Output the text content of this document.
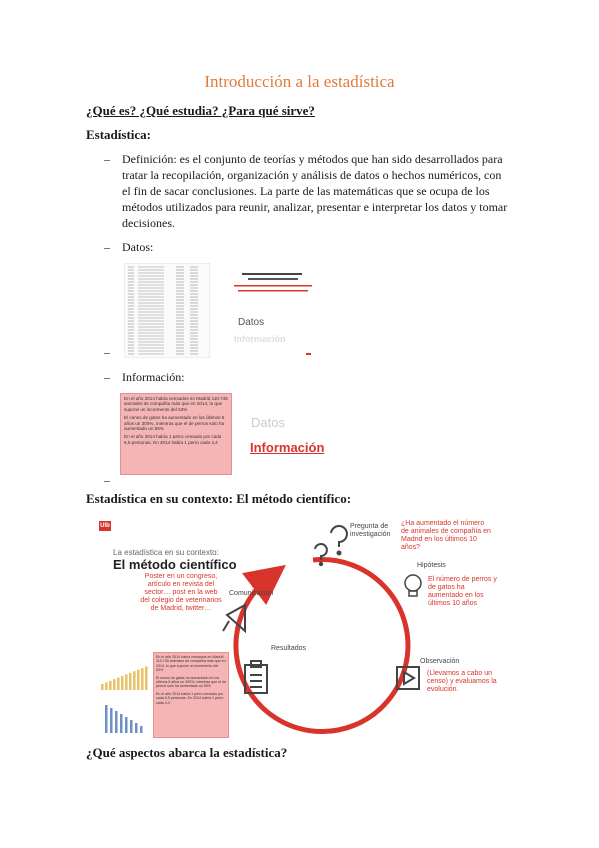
Introducción a la estadística
¿Qué es? ¿Qué estudia? ¿Para qué sirve?
Estadística:
– Definición: es el conjunto de teorías y métodos que han sido desarrollados para tratar la recopilación, organización y análisis de datos o hechos numéricos, con el fin de sacar conclusiones. La parte de las matemáticas que se ocupa de los métodos utilizados para reunir, analizar, presentar e interpretar los datos y tomar decisiones.
– Datos:
Datos
Información
–
– Información:
En el año 2014 había censados en Madrid 110.745 animales de compañía más que en 2014, lo que supone un incremento del 63%
El censo de gatos ha aumentado en los últimos 5 años un 300%, mientras que el de perros solo ha aumentado un 55%
En el año 2014 había 1 perro censado por cada 6,5 personas. En 2014 había 1 perro cada 4,4
Datos
Información
–
Estadística en su contexto: El método científico:
UIb
La estadística en su contexto:
El método científico
Pregunta de investigación
¿Ha aumentado el número de animales de compañía en Madrid en los últimos 10 años?
Hipótesis
El número de perros y de gatos ha aumentado en los últimos 10 años
Comunicación
Poster en un congreso, artículo en revista del sector… post en la web del colegio de veterinarios de Madrid, twitter…
Resultados
Observación
(Llevamos a cabo un censo) y evaluamos la evolución.
En el año 2014 había censados en Madrid 110.745 animales de compañía más que en 2014, lo que supone un incremento del 63%
El censo de gatos ha aumentado en los últimos 5 años un 300%, mientras que el de perros solo ha aumentado un 55%
En el año 2014 había 1 perro censado por cada 6,5 personas. En 2014 había 1 perro cada 4,4
¿Qué aspectos abarca la estadística?
